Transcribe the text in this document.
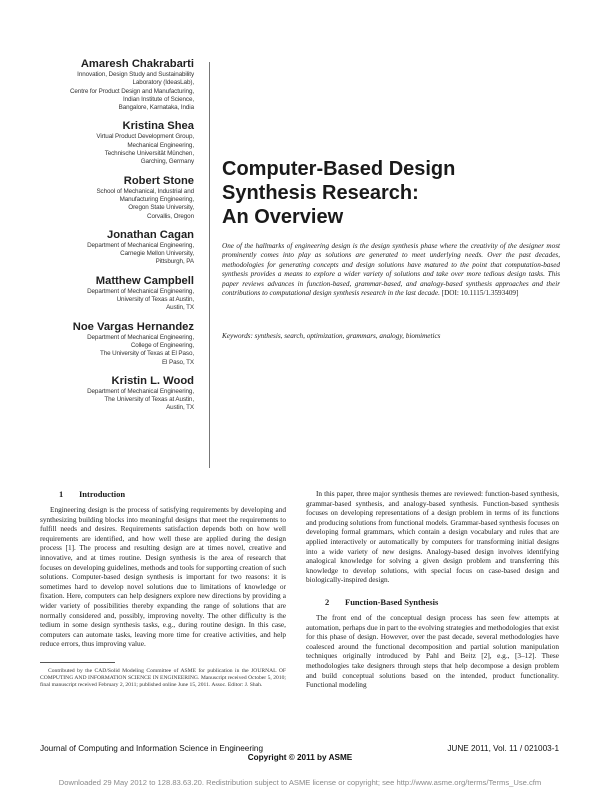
Amaresh Chakrabarti
Innovation, Design Study and Sustainability
Laboratory (IdeasLab),
Centre for Product Design and Manufacturing,
Indian Institute of Science,
Bangalore, Karnataka, India
Kristina Shea
Virtual Product Development Group,
Mechanical Engineering,
Technische Universität München,
Garching, Germany
Robert Stone
School of Mechanical, Industrial and
Manufacturing Engineering,
Oregon State University,
Corvallis, Oregon
Jonathan Cagan
Department of Mechanical Engineering,
Carnegie Mellon University,
Pittsburgh, PA
Matthew Campbell
Department of Mechanical Engineering,
University of Texas at Austin,
Austin, TX
Noe Vargas Hernandez
Department of Mechanical Engineering,
College of Engineering,
The University of Texas at El Paso,
El Paso, TX
Kristin L. Wood
Department of Mechanical Engineering,
The University of Texas at Austin,
Austin, TX
Computer-Based Design
Synthesis Research:
An Overview
One of the hallmarks of engineering design is the design synthesis phase where the creativity of the designer most prominently comes into play as solutions are generated to meet underlying needs. Over the past decades, methodologies for generating concepts and design solutions have matured to the point that computation-based synthesis provides a means to explore a wider variety of solutions and take over more tedious design tasks. This paper reviews advances in function-based, grammar-based, and analogy-based synthesis approaches and their contributions to computational design synthesis research in the last decade. [DOI: 10.1115/1.3593409]
Keywords: synthesis, search, optimization, grammars, analogy, biomimetics
1 Introduction

Engineering design is the process of satisfying requirements by developing and synthesizing building blocks into meaningful designs that meet the requirements to fulfill needs and desires. Requirements satisfaction depends both on how well requirements are identified, and how well these are applied during the design process [1]. The process and resulting design are at times novel, creative and innovative, and at times routine. Design synthesis is the area of research that focuses on developing guidelines, methods and tools for supporting creation of such solutions. Computer-based design synthesis is important for two reasons: it is sometimes hard to develop novel solutions due to limitations of knowledge or fixation. Here, computers can help designers explore new directions by providing a wider variety of possibilities thereby expanding the range of solutions that are normally considered and, possibly, improving novelty. The other difficulty is the tedium in some design synthesis tasks, e.g., during routine design. In this case, computers can automate tasks, leaving more time for creative activities, and help reduce errors, thus improving value.

In this paper, three major synthesis themes are reviewed: function-based synthesis, grammar-based synthesis, and analogy-based synthesis. Function-based synthesis focuses on developing representations of a design problem in terms of its functions and producing solutions from functional models. Grammar-based synthesis focuses on developing formal grammars, which contain a design vocabulary and rules that are applied interactively or automatically by computers for transforming initial designs into a wide variety of new designs. Analogy-based design involves identifying analogical knowledge for solving a given design problem and transferring this knowledge to develop solutions, with special focus on case-based design and biologically-inspired design.

2 Function-Based Synthesis

The front end of the conceptual design process has seen few attempts at automation, perhaps due in part to the evolving strategies and methodologies that exist for this phase of design. However, over the past decade, several methodologies have coalesced around the functional decomposition and partial solution manipulation techniques originally introduced by Pahl and Beitz [2], e.g., [3–12]. These methodologies take designers through steps that help decompose a design problem and build conceptual solutions based on the intended, product functionality. Functional modeling

Contributed by the CAD/Solid Modeling Committee of ASME for publication in the JOURNAL OF COMPUTING AND INFORMATION SCIENCE IN ENGINEERING. Manuscript received October 5, 2010; final manuscript received February 2, 2011; published online June 15, 2011. Assoc. Editor: J. Shah.
Journal of Computing and Information Science in Engineering	JUNE 2011, Vol. 11 / 021003-1
Copyright © 2011 by ASME
Downloaded 29 May 2012 to 128.83.63.20. Redistribution subject to ASME license or copyright; see http://www.asme.org/terms/Terms_Use.cfm
